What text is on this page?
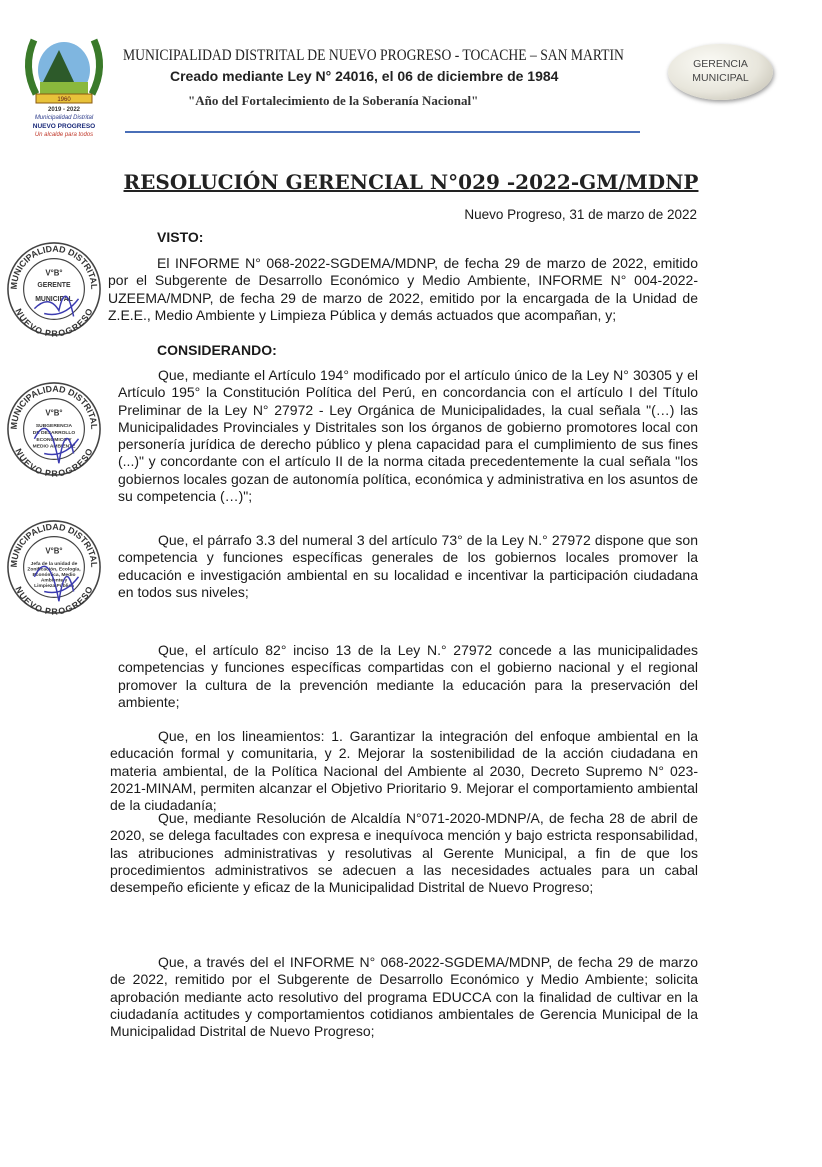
1960
2019 - 2022
Municipalidad Distrital
NUEVO PROGRESO
Un alcalde para todos
MUNICIPALIDAD DISTRITAL DE NUEVO PROGRESO - TOCACHE – SAN MARTIN
Creado mediante Ley N° 24016, el 06 de diciembre de 1984
"Año del Fortalecimiento de la Soberanía Nacional"
GERENCIA
MUNICIPAL
RESOLUCIÓN GERENCIAL N°029 -2022-GM/MDNP
Nuevo Progreso, 31 de marzo de 2022
VISTO:
El INFORME N° 068-2022-SGDEMA/MDNP, de fecha 29 de marzo de 2022, emitido por el Subgerente de Desarrollo Económico y Medio Ambiente, INFORME N° 004-2022-UZEEMA/MDNP, de fecha 29 de marzo de 2022, emitido por la encargada de la Unidad de Z.E.E., Medio Ambiente y Limpieza Pública y demás actuados que acompañan, y;
CONSIDERANDO:
Que, mediante el Artículo 194° modificado por el artículo único de la Ley N° 30305 y el Artículo 195° la Constitución Política del Perú, en concordancia con el artículo I del Título Preliminar de la Ley N° 27972 - Ley Orgánica de Municipalidades, la cual señala "(…) las Municipalidades Provinciales y Distritales son los órganos de gobierno promotores local con personería jurídica de derecho público y plena capacidad para el cumplimiento de sus fines (...)" y concordante con el artículo II de la norma citada precedentemente la cual señala "los gobiernos locales gozan de autonomía política, económica y administrativa en los asuntos de su competencia (…)";
Que, el párrafo 3.3 del numeral 3 del artículo 73° de la Ley N.° 27972 dispone que son competencia y funciones específicas generales de los gobiernos locales promover la educación e investigación ambiental en su localidad e incentivar la participación ciudadana en todos sus niveles;
Que, el artículo 82° inciso 13 de la Ley N.° 27972 concede a las municipalidades competencias y funciones específicas compartidas con el gobierno nacional y el regional promover la cultura de la prevención mediante la educación para la preservación del ambiente;
Que, en los lineamientos: 1. Garantizar la integración del enfoque ambiental en la educación formal y comunitaria, y 2. Mejorar la sostenibilidad de la acción ciudadana en materia ambiental, de la Política Nacional del Ambiente al 2030, Decreto Supremo N° 023-2021-MINAM, permiten alcanzar el Objetivo Prioritario 9. Mejorar el comportamiento ambiental de la ciudadanía;
Que, mediante Resolución de Alcaldía N°071-2020-MDNP/A, de fecha 28 de abril de 2020, se delega facultades con expresa e inequívoca mención y bajo estricta responsabilidad, las atribuciones administrativas y resolutivas al Gerente Municipal, a fin de que los procedimientos administrativos se adecuen a las necesidades actuales para un cabal desempeño eficiente y eficaz de la Municipalidad Distrital de Nuevo Progreso;
Que, a través del el INFORME N° 068-2022-SGDEMA/MDNP, de fecha 29 de marzo de 2022, remitido por el Subgerente de Desarrollo Económico y Medio Ambiente; solicita aprobación mediante acto resolutivo del programa EDUCCA con la finalidad de cultivar en la ciudadanía actitudes y comportamientos cotidianos ambientales de Gerencia Municipal de la Municipalidad Distrital de Nuevo Progreso;
MUNICIPALIDAD DISTRITAL
NUEVO PROGRESO
V°B°
GERENTE
MUNICIPAL
MUNICIPALIDAD DISTRITAL
NUEVO PROGRESO
V°B°
SUBGERENCIA
DE DESARROLLO
ECONÓMICO Y
MEDIO AMBIENTE
MUNICIPALIDAD DISTRITAL
NUEVO PROGRESO
V°B°
Jefa de la unidad de
Zonificación, Ecología,
Económica, Medio
Ambiente y
Limpieza Pública
